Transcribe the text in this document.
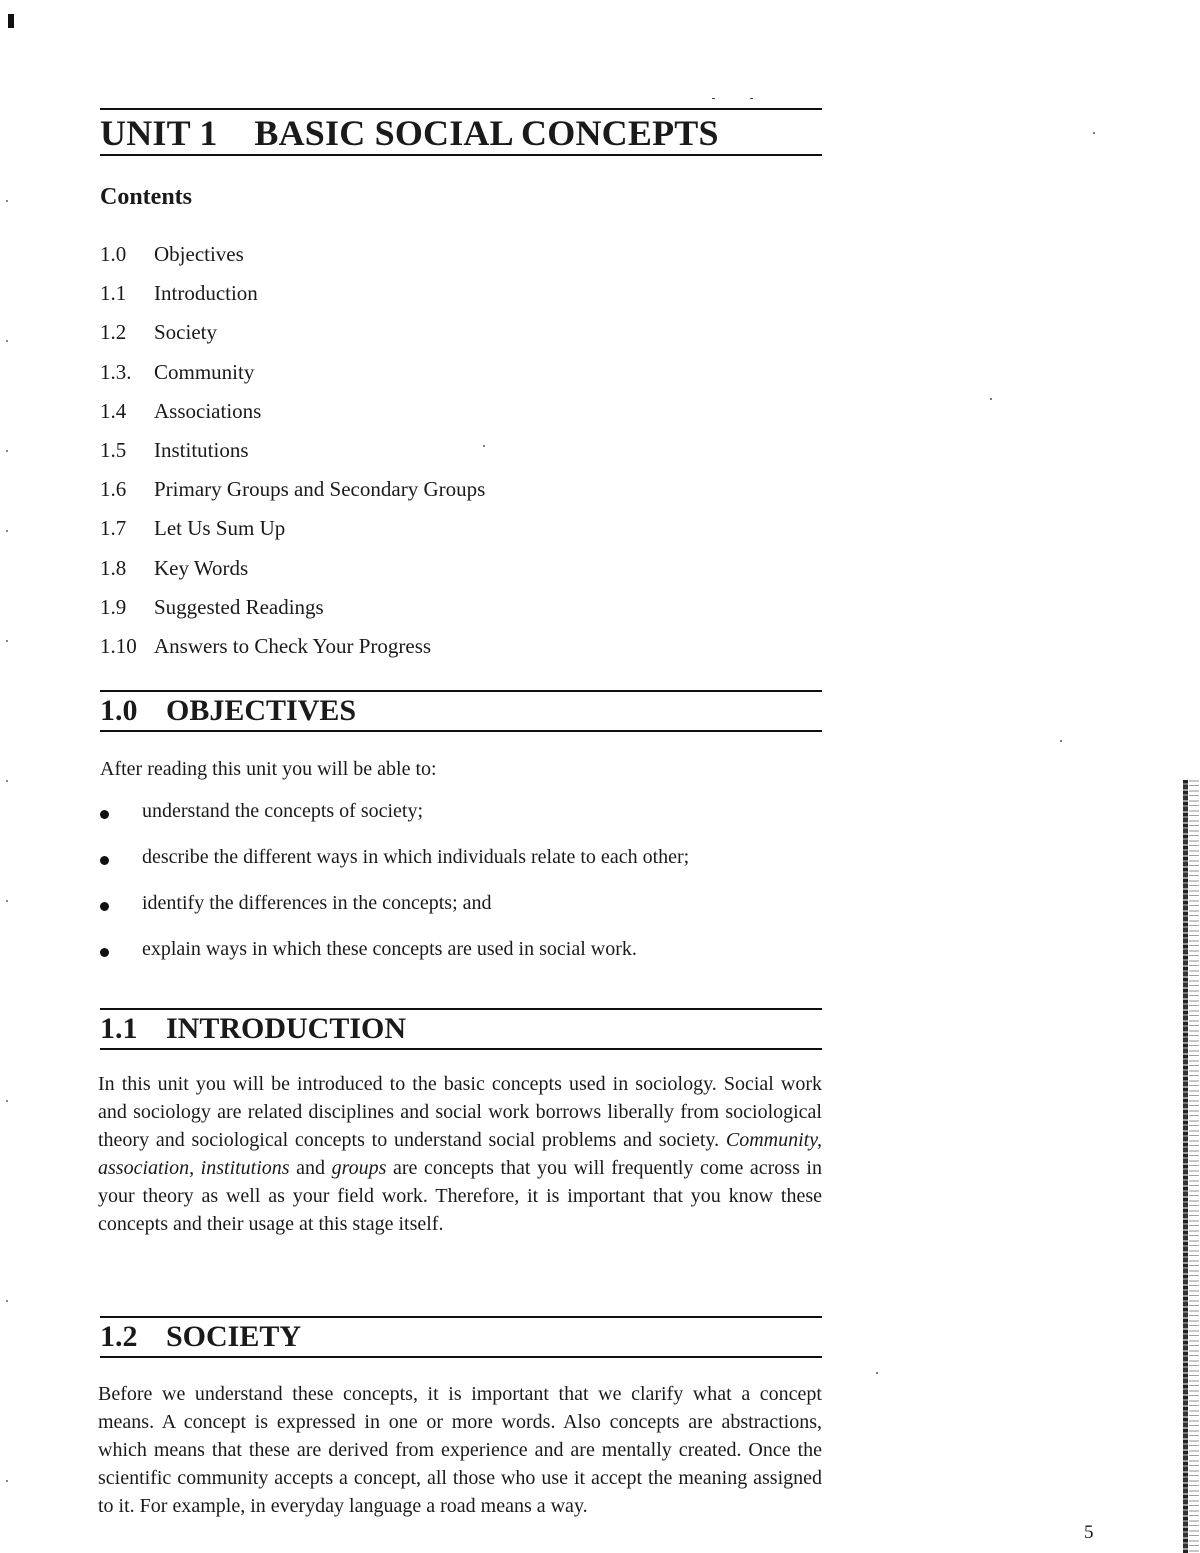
UNIT 1    BASIC SOCIAL CONCEPTS
Contents
1.0 Objectives
1.1 Introduction
1.2 Society
1.3. Community
1.4 Associations
1.5 Institutions
1.6 Primary Groups and Secondary Groups
1.7 Let Us Sum Up
1.8 Key Words
1.9 Suggested Readings
1.10 Answers to Check Your Progress
1.0 OBJECTIVES
After reading this unit you will be able to:
understand the concepts of society;
describe the different ways in which individuals relate to each other;
identify the differences in the concepts; and
explain ways in which these concepts are used in social work.
1.1 INTRODUCTION

In this unit you will be introduced to the basic concepts used in sociology. Social work and sociology are related disciplines and social work borrows liberally from sociological theory and sociological concepts to understand social problems and society. Community, association, institutions and groups are concepts that you will frequently come across in your theory as well as your field work. Therefore, it is important that you know these concepts and their usage at this stage itself.

1.2 SOCIETY

Before we understand these concepts, it is important that we clarify what a concept means. A concept is expressed in one or more words. Also concepts are abstractions, which means that these are derived from experience and are mentally created. Once the scientific community accepts a concept, all those who use it accept the meaning assigned to it. For example, in everyday language a road means a way.

5
